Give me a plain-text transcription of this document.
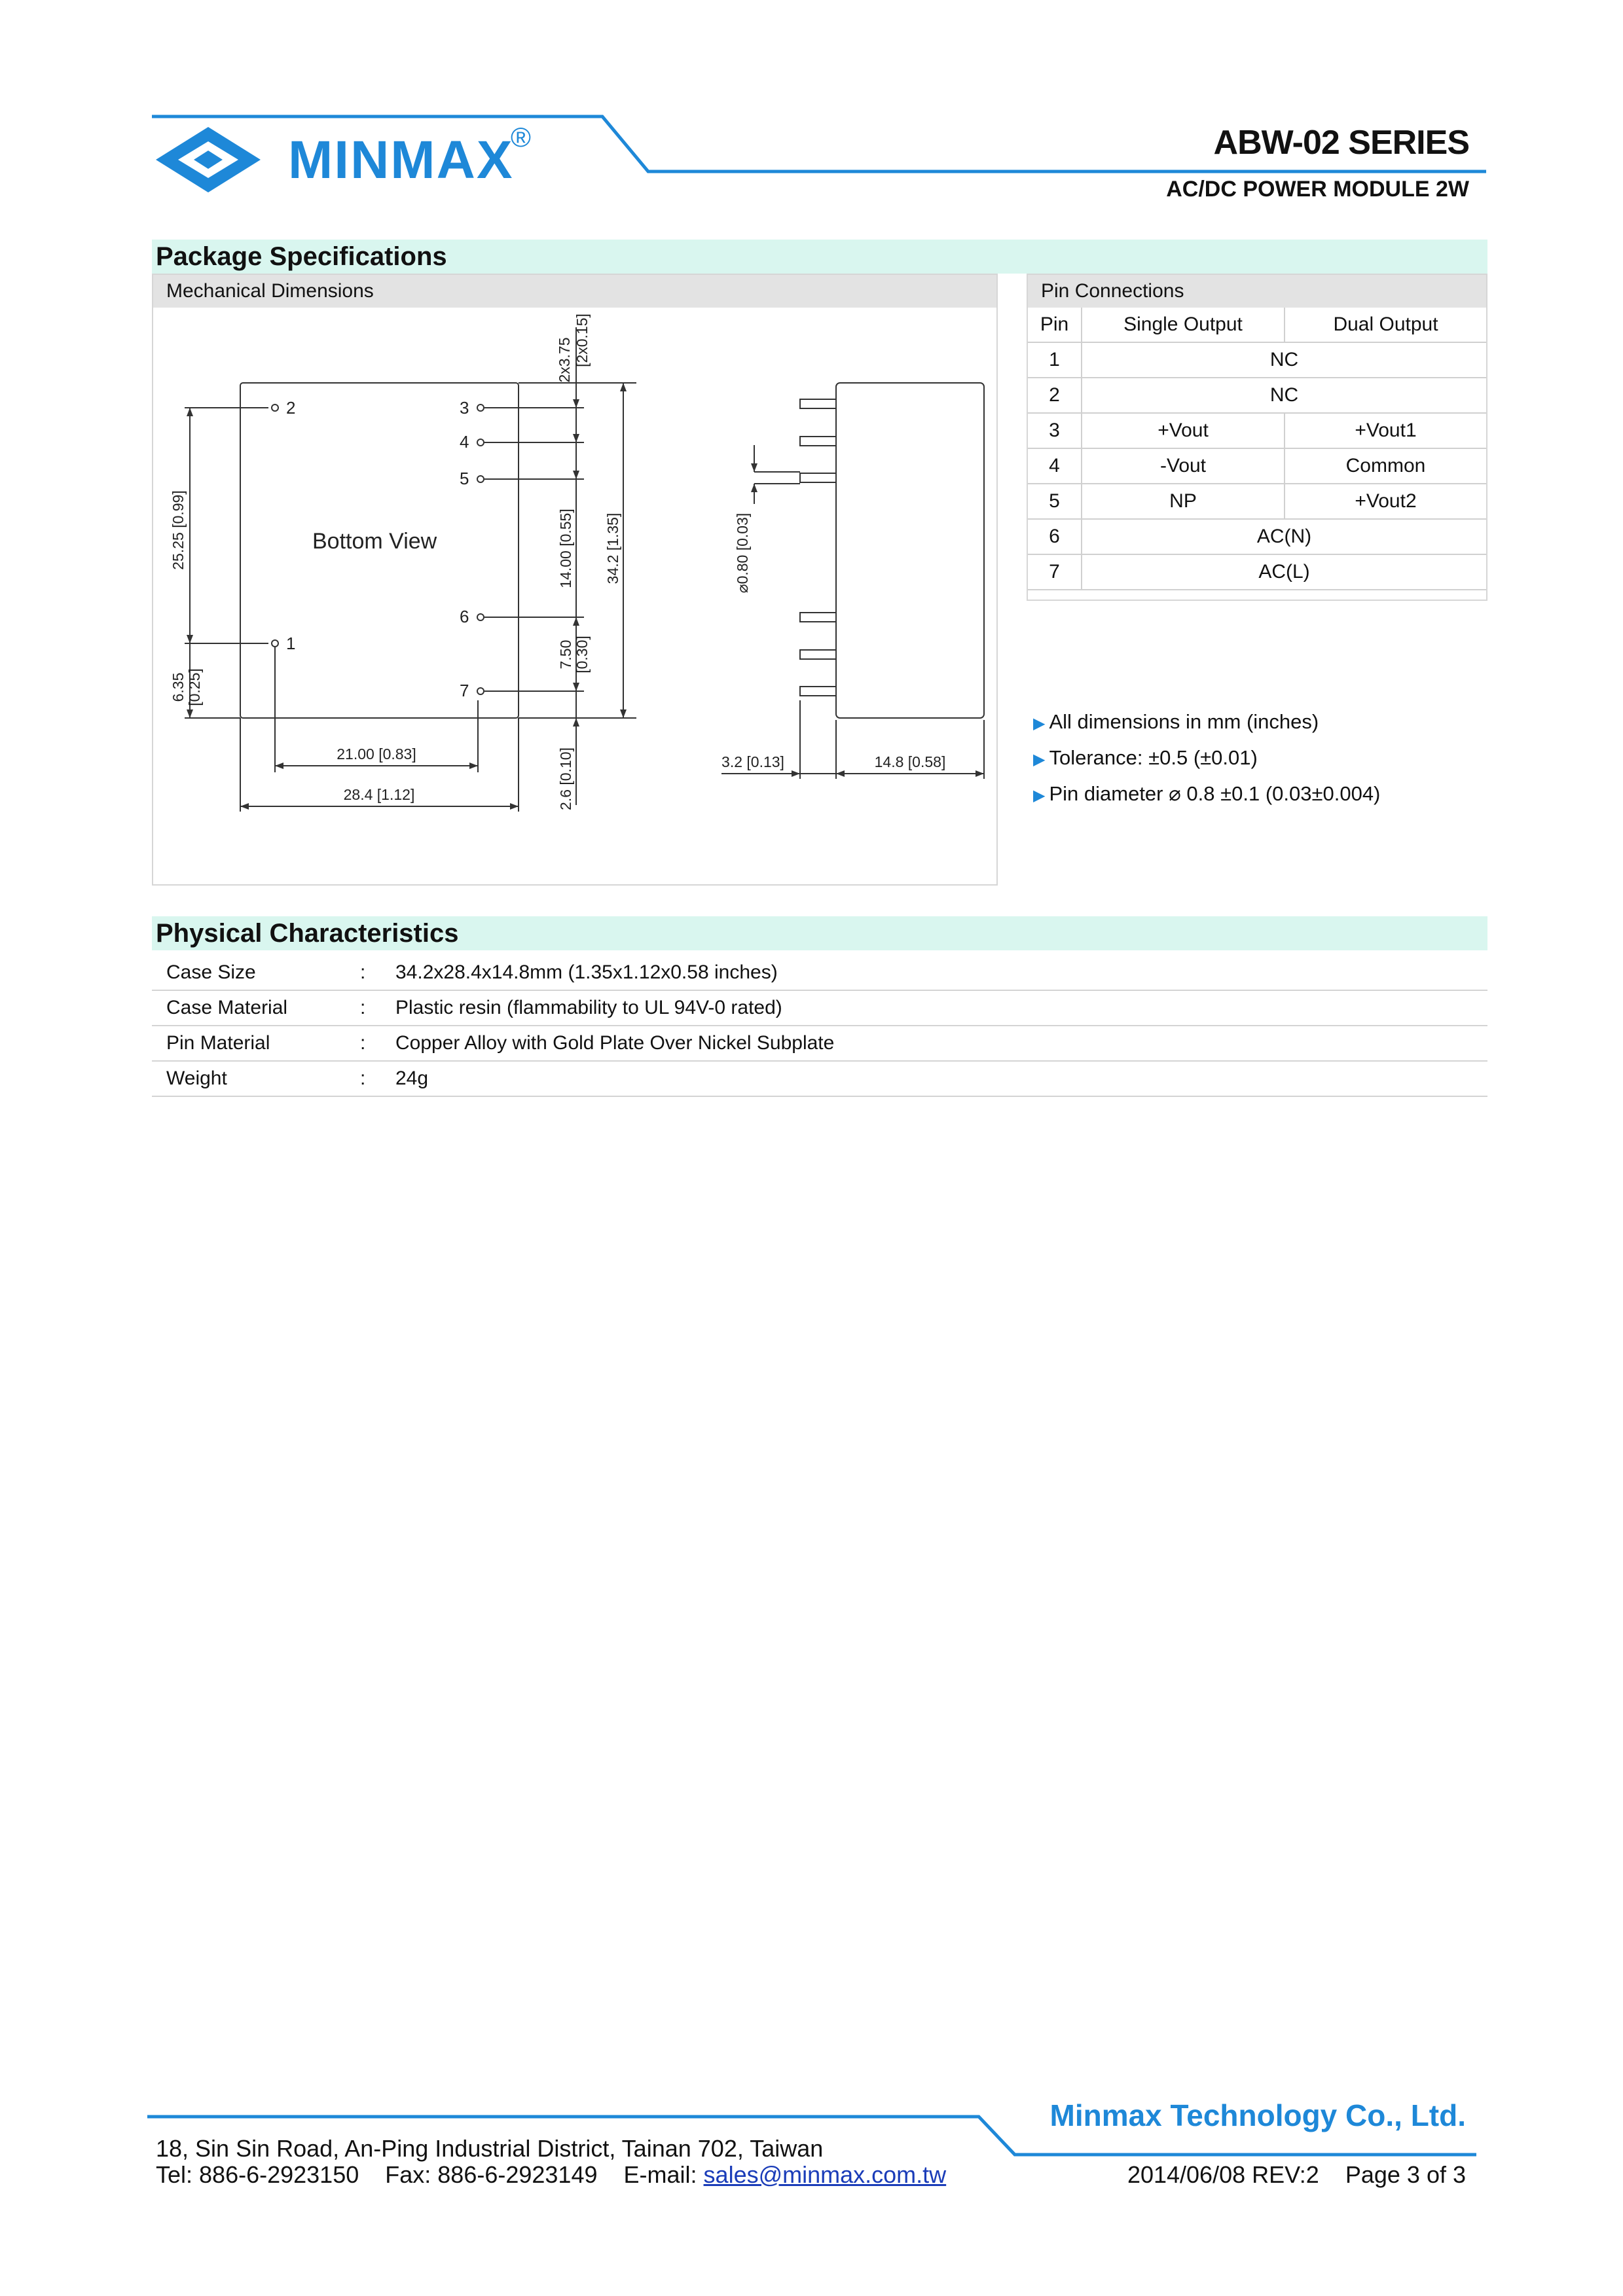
MINMAX
®	ABW-02 SERIES
AC/DC POWER MODULE 2W
Package Specifications
Mechanical Dimensions
2	3
4
5
6
1
7
Bottom View
2x3.75 [2x0.15]
25.25 [0.99]	14.00 [0.55] 34.2 [1.35]
7.50 [0.30]
6.35 [0.25]
21.00 [0.83]
28.4 [1.12]	2.6 [0.10]
⌀0.80 [0.03]
3.2 [0.13]	14.8 [0.58]
Pin Connections
Pin	Single Output	Dual Output
1	NC	
2	NC	
3	+Vout	+Vout1
4	-Vout	Common
5	NP	+Vout2
6	AC(N)	
7	AC(L)	
▶ All dimensions in mm (inches)
▶ Tolerance: ±0.5 (±0.01)
▶ Pin diameter ⌀ 0.8 ±0.1 (0.03±0.004)
Physical Characteristics
Case Size	: 34.2x28.4x14.8mm (1.35x1.12x0.58 inches)
Case Material	: Plastic resin (flammability to UL 94V-0 rated)
Pin Material	: Copper Alloy with Gold Plate Over Nickel Subplate
Weight	: 24g
Minmax Technology Co., Ltd.
18, Sin Sin Road, An-Ping Industrial District, Tainan 702, Taiwan
Tel: 886-6-2923150 Fax: 886-6-2923149 E-mail: sales@minmax.com.tw	2014/06/08 REV:2 Page 3 of 3
